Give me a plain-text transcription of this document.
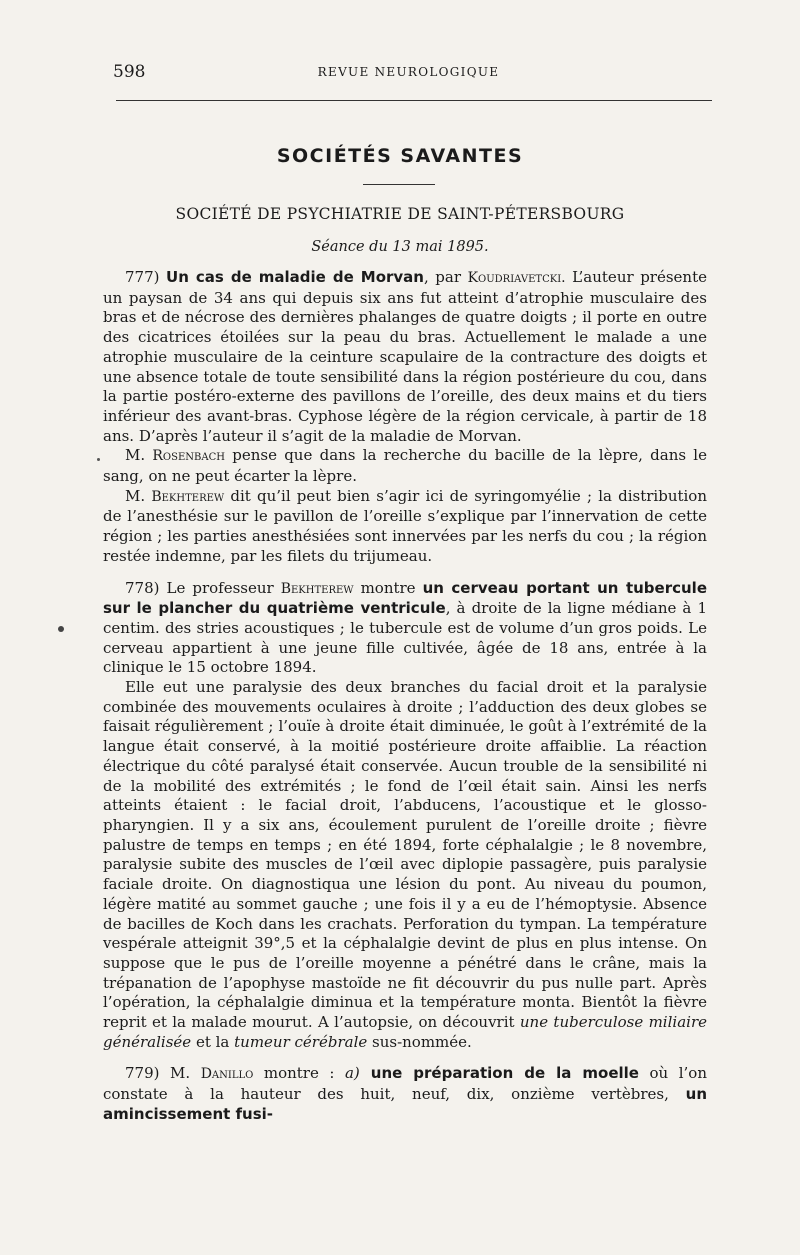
598	REVUE NEUROLOGIQUE
SOCIÉTÉS SAVANTES
SOCIÉTÉ DE PSYCHIATRIE DE SAINT-PÉTERSBOURG
Séance du 13 mai 1895.

777) Un cas de maladie de Morvan, par Koudriavetcki. L’auteur présente un paysan de 34 ans qui depuis six ans fut atteint d’atrophie musculaire des bras et de nécrose des dernières phalanges de quatre doigts ; il porte en outre des cicatrices étoilées sur la peau du bras. Actuellement le malade a une atrophie musculaire de la ceinture scapulaire de la contracture des doigts et une absence totale de toute sensibilité dans la région postérieure du cou, dans la partie postéro-externe des pavillons de l’oreille, des deux mains et du tiers inférieur des avant-bras. Cyphose légère de la région cervicale, à partir de 18 ans. D’après l’auteur il s’agit de la maladie de Morvan.

M. Rosenbach pense que dans la recherche du bacille de la lèpre, dans le sang, on ne peut écarter la lèpre.

M. Bekhterew dit qu’il peut bien s’agir ici de syringomyélie ; la distribution de l’anesthésie sur le pavillon de l’oreille s’explique par l’innervation de cette région ; les parties anesthésiées sont innervées par les nerfs du cou ; la région restée indemne, par les filets du trijumeau.

778) Le professeur Bekhterew montre un cerveau portant un tubercule sur le plancher du quatrième ventricule, à droite de la ligne médiane à 1 centim. des stries acoustiques ; le tubercule est de volume d’un gros poids. Le cerveau appartient à une jeune fille cultivée, âgée de 18 ans, entrée à la clinique le 15 octobre 1894.

Elle eut une paralysie des deux branches du facial droit et la paralysie combinée des mouvements oculaires à droite ; l’adduction des deux globes se faisait régulièrement ; l’ouïe à droite était diminuée, le goût à l’extrémité de la langue était conservé, à la moitié postérieure droite affaiblie. La réaction électrique du côté paralysé était conservée. Aucun trouble de la sensibilité ni de la mobilité des extrémités ; le fond de l’œil était sain. Ainsi les nerfs atteints étaient : le facial droit, l’abducens, l’acoustique et le glosso-pharyngien. Il y a six ans, écoulement purulent de l’oreille droite ; fièvre palustre de temps en temps ; en été 1894, forte céphalalgie ; le 8 novembre, paralysie subite des muscles de l’œil avec diplopie passagère, puis paralysie faciale droite. On diagnostiqua une lésion du pont. Au niveau du poumon, légère matité au sommet gauche ; une fois il y a eu de l’hémoptysie. Absence de bacilles de Koch dans les crachats. Perforation du tympan. La température vespérale atteignit 39°,5 et la céphalalgie devint de plus en plus intense. On suppose que le pus de l’oreille moyenne a pénétré dans le crâne, mais la trépanation de l’apophyse mastoïde ne fit découvrir du pus nulle part. Après l’opération, la céphalalgie diminua et la température monta. Bientôt la fièvre reprit et la malade mourut. A l’autopsie, on découvrit une tuberculose miliaire généralisée et la tumeur cérébrale sus-nommée.

779) M. Danillo montre : a) une préparation de la moelle où l’on constate à la hauteur des huit, neuf, dix, onzième vertèbres, un amincissement fusi-
